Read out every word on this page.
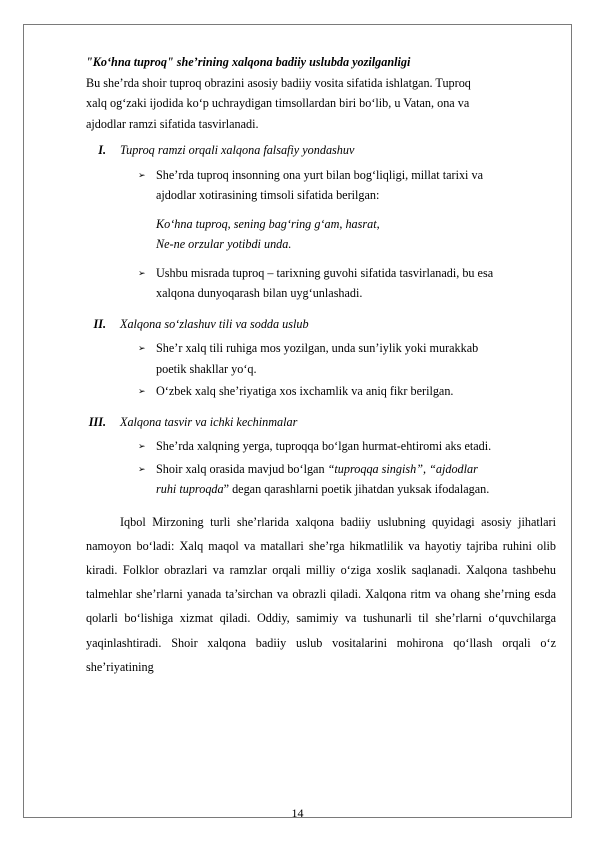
"Ko‘hna tuproq" she’rining xalqona badiiy uslubda yozilganligi
Bu she’rda shoir tuproq obrazini asosiy badiiy vosita sifatida ishlatgan. Tuproq
xalq og‘zaki ijodida ko‘p uchraydigan timsollardan biri bo‘lib, u Vatan, ona va
ajdodlar ramzi sifatida tasvirlanadi.
I.	Tuproq ramzi orqali xalqona falsafiy yondashuv
➢ She’rda tuproq insonning ona yurt bilan bog‘liqligi, millat tarixi va
ajdodlar xotirasining timsoli sifatida berilgan:
Ko‘hna tuproq, sening bag‘ring g‘am, hasrat,
Ne-ne orzular yotibdi unda.
➢ Ushbu misrada tuproq – tarixning guvohi sifatida tasvirlanadi, bu esa
xalqona dunyoqarash bilan uyg‘unlashadi.
II.	Xalqona so‘zlashuv tili va sodda uslub
➢ She’r xalq tili ruhiga mos yozilgan, unda sun’iylik yoki murakkab
poetik shakllar yo‘q.
➢ O‘zbek xalq she’riyatiga xos ixchamlik va aniq fikr berilgan.
III.	Xalqona tasvir va ichki kechinmalar
➢ She’rda xalqning yerga, tuproqqa bo‘lgan hurmat-ehtiromi aks etadi.
➢ Shoir xalq orasida mavjud bo‘lgan “tuproqqa singish”, “ajdodlar
ruhi tuproqda” degan qarashlarni poetik jihatdan yuksak ifodalagan.
Iqbol Mirzoning turli she’rlarida xalqona badiiy uslubning quyidagi asosiy jihatlari namoyon bo‘ladi: Xalq maqol va matallari she’rga hikmatlilik va hayotiy tajriba ruhini olib kiradi. Folklor obrazlari va ramzlar orqali milliy o‘ziga xoslik saqlanadi. Xalqona tashbehu talmehlar she’rlarni yanada ta’sirchan va obrazli qiladi. Xalqona ritm va ohang she’rning esda qolarli bo‘lishiga xizmat qiladi. Oddiy, samimiy va tushunarli til she’rlarni o‘quvchilarga yaqinlashtiradi. Shoir xalqona badiiy uslub vositalarini mohirona qo‘llash orqali o‘z she’riyatining
14
